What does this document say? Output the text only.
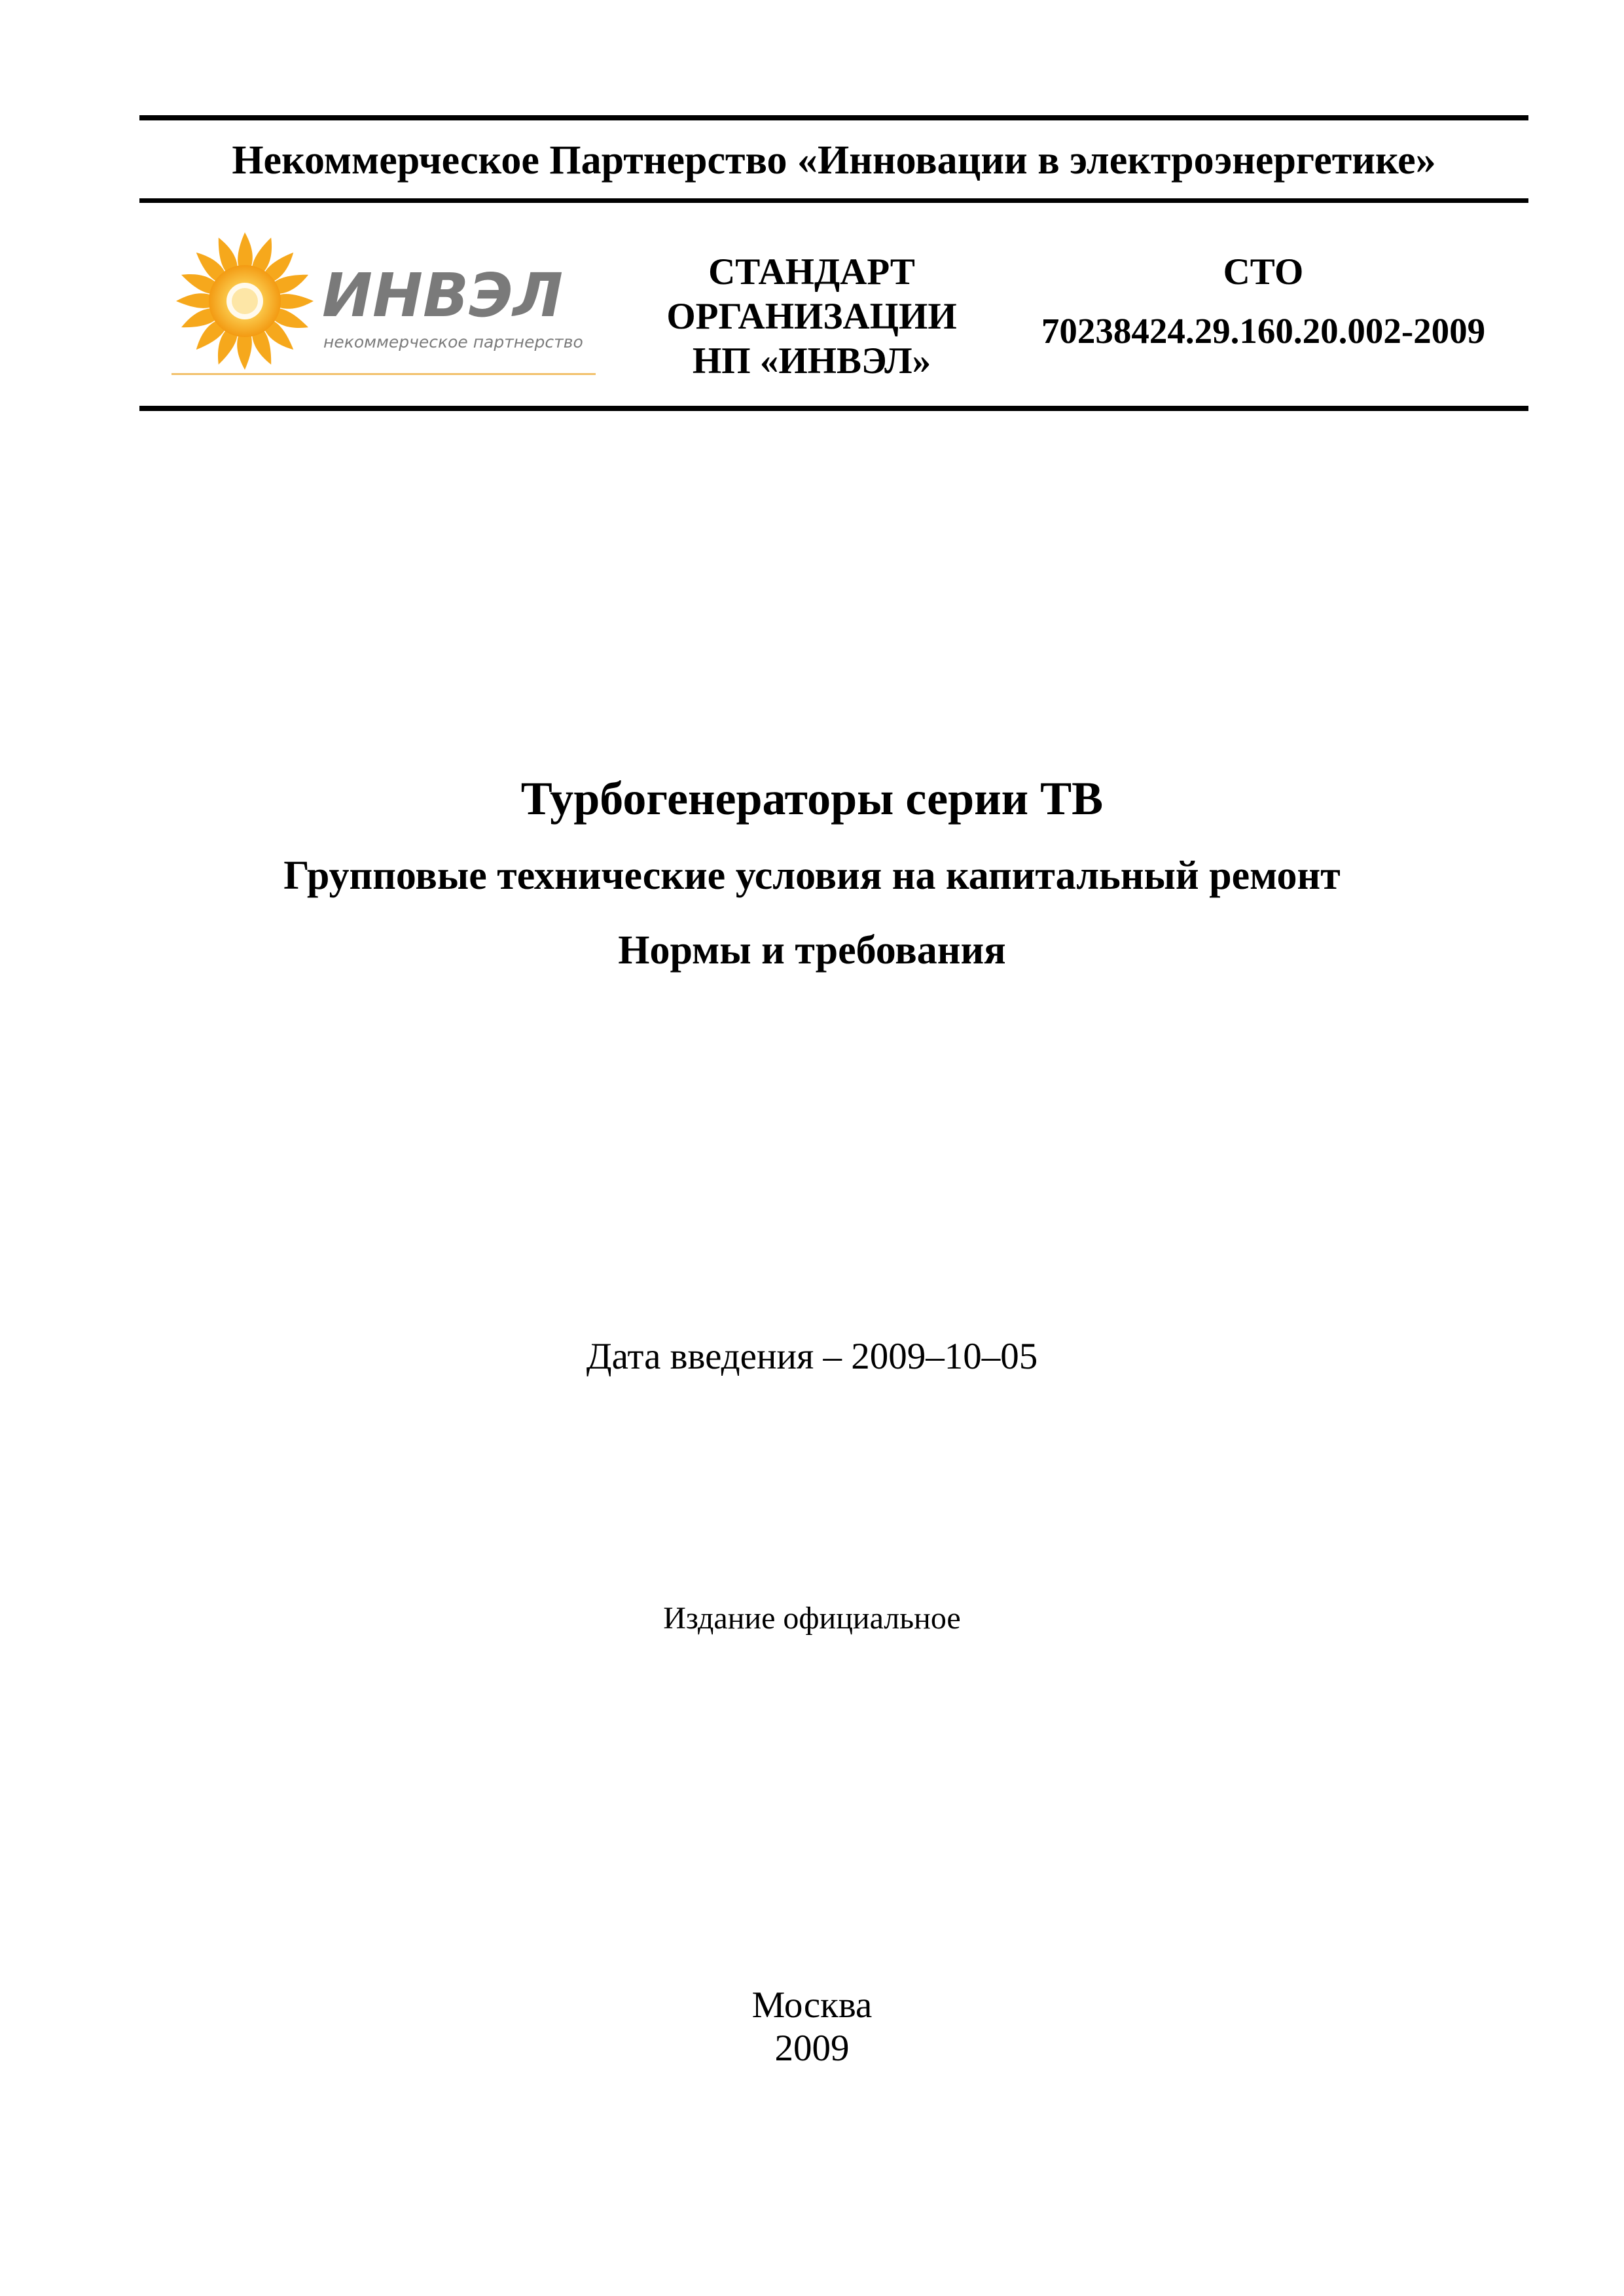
Некоммерческое Партнерство «Инновации в электроэнергетике»
ИНВЭЛ
некоммерческое партнерство
СТАНДАРТ
ОРГАНИЗАЦИИ
НП «ИНВЭЛ»
СТО
70238424.29.160.20.002-2009
Турбогенераторы серии ТВ
Групповые технические условия на капитальный ремонт
Нормы и требования
Дата введения – 2009–10–05
Издание официальное
Москва
2009
